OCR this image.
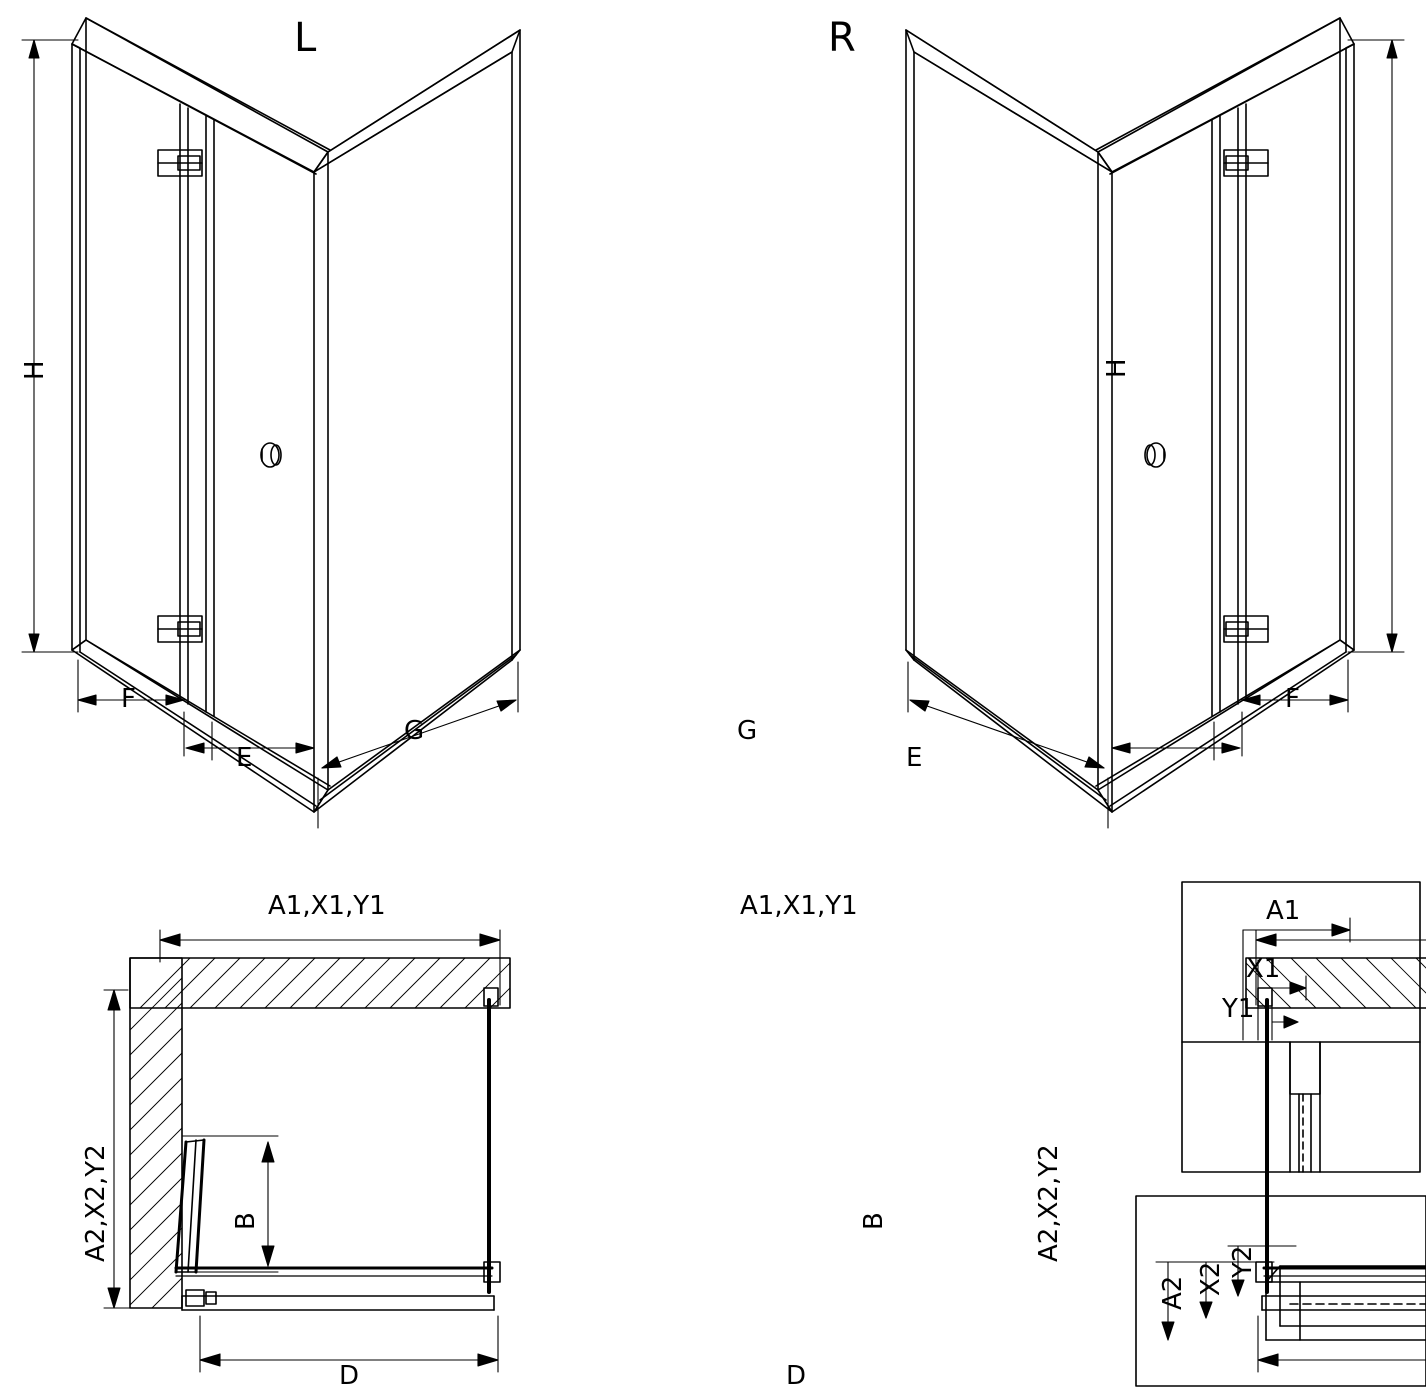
L	R
H	H
F
E
G
F
E
G
A1,X1,Y1
A2,X2,Y2	B
D
A1,X1,Y1
A2,X2,Y2
B
D
A1
X1
Y1
A2 X2 Y2
